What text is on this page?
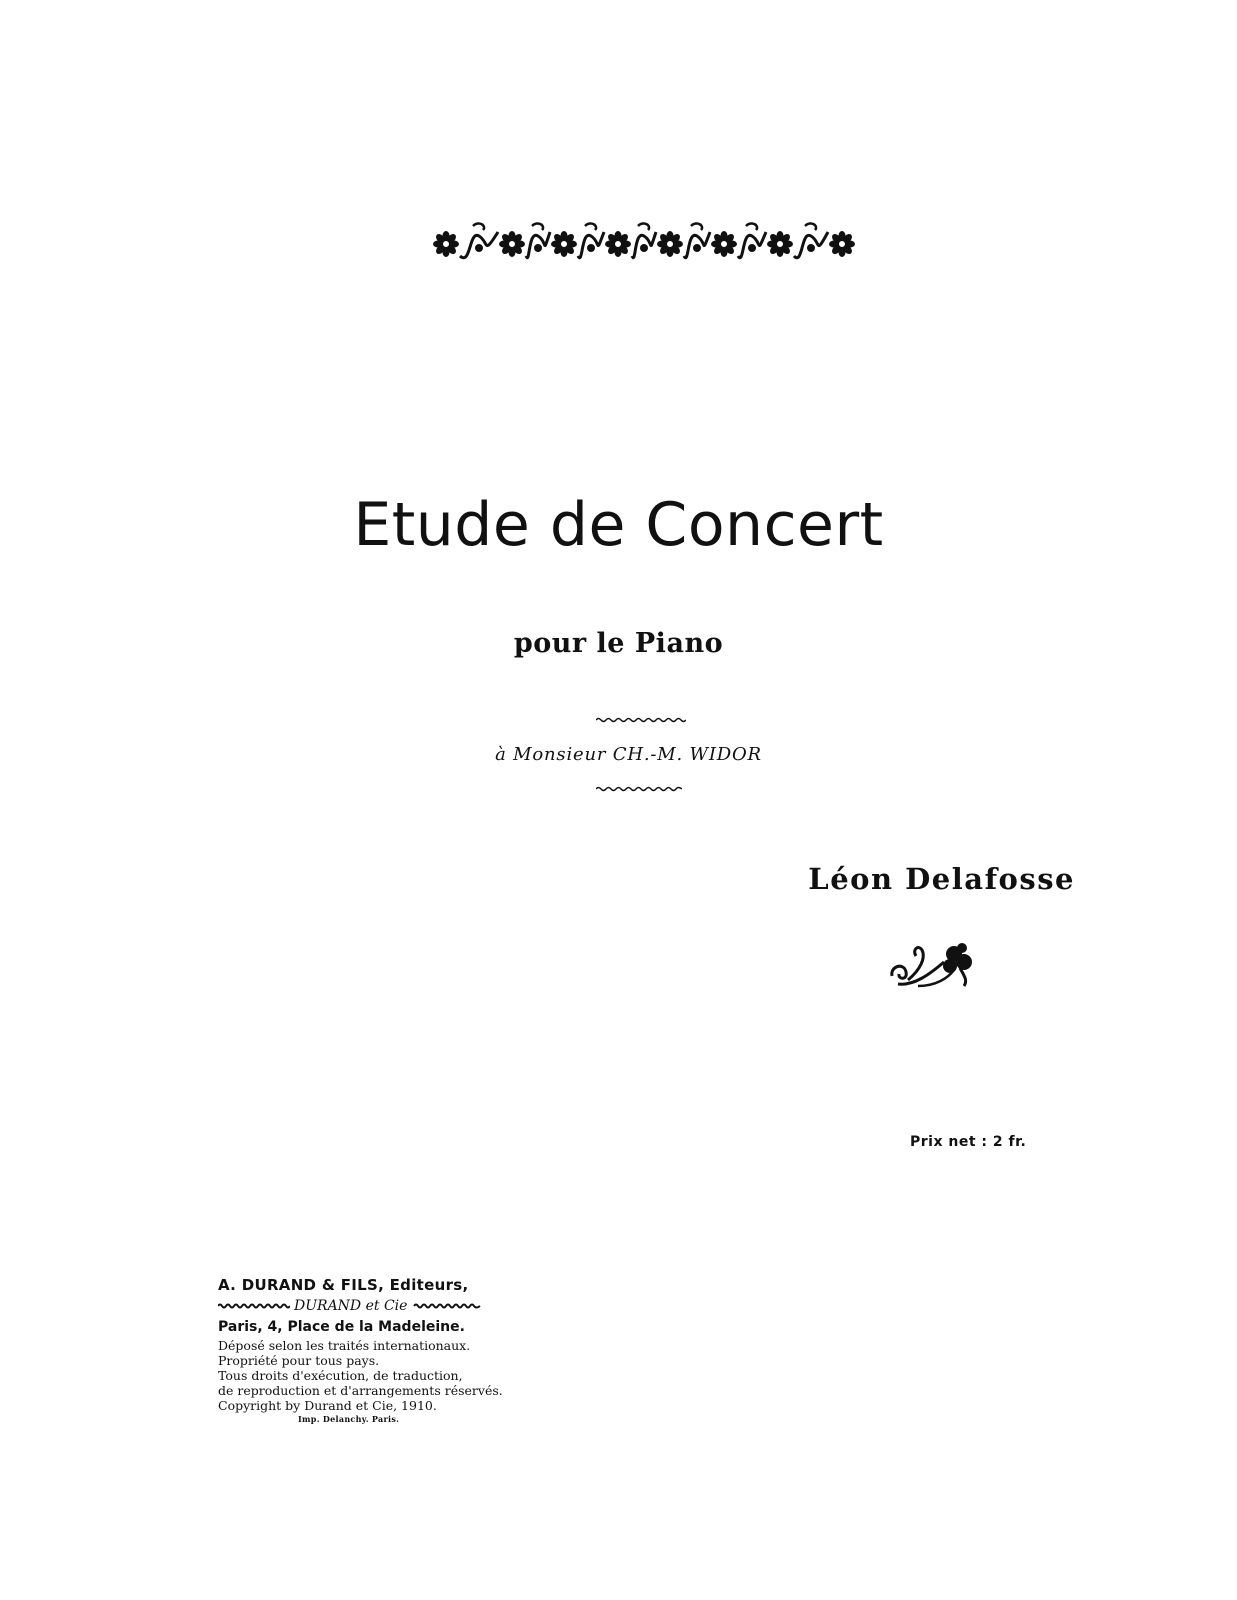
Etude de Concert
pour le Piano
à Monsieur CH.-M. WIDOR
Léon Delafosse
Prix net : 2 fr.
A. DURAND & FILS, Editeurs,
DURAND et Cie
Paris, 4, Place de la Madeleine.
Déposé selon les traités internationaux.
Propriété pour tous pays.
Tous droits d'exécution, de traduction,
de reproduction et d'arrangements réservés.
Copyright by Durand et Cie, 1910.
Imp. Delanchy. Paris.
